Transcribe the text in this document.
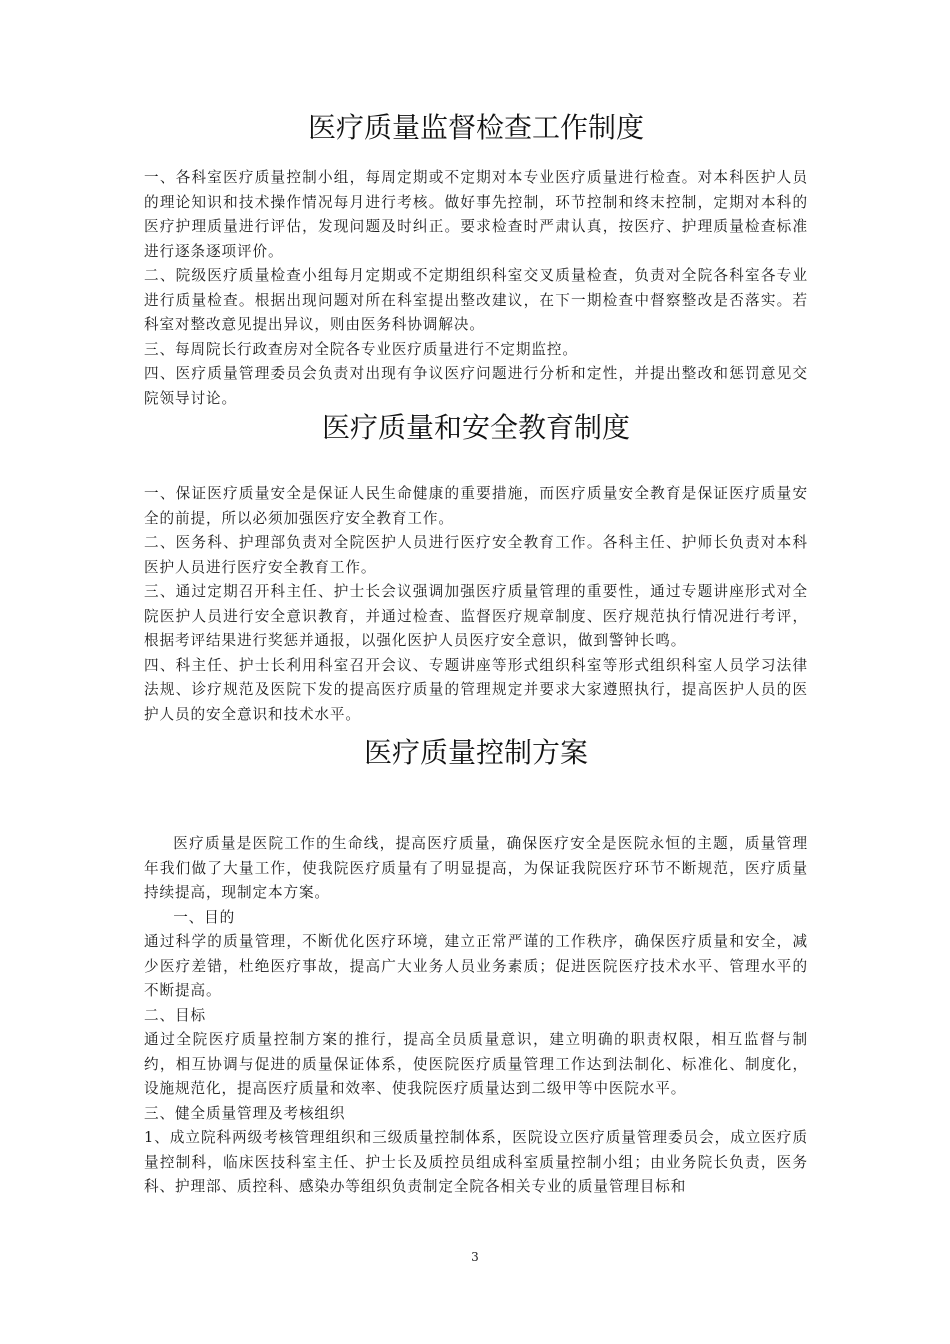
医疗质量监督检查工作制度

一、各科室医疗质量控制小组，每周定期或不定期对本专业医疗质量进行检查。对本科医护人员的理论知识和技术操作情况每月进行考核。做好事先控制，环节控制和终末控制，定期对本科的医疗护理质量进行评估，发现问题及时纠正。要求检查时严肃认真，按医疗、护理质量检查标准进行逐条逐项评价。

二、院级医疗质量检查小组每月定期或不定期组织科室交叉质量检查，负责对全院各科室各专业进行质量检查。根据出现问题对所在科室提出整改建议，在下一期检查中督察整改是否落实。若科室对整改意见提出异议，则由医务科协调解决。

三、每周院长行政查房对全院各专业医疗质量进行不定期监控。

四、医疗质量管理委员会负责对出现有争议医疗问题进行分析和定性，并提出整改和惩罚意见交院领导讨论。

医疗质量和安全教育制度

一、保证医疗质量安全是保证人民生命健康的重要措施，而医疗质量安全教育是保证医疗质量安全的前提，所以必须加强医疗安全教育工作。

二、医务科、护理部负责对全院医护人员进行医疗安全教育工作。各科主任、护师长负责对本科医护人员进行医疗安全教育工作。

三、通过定期召开科主任、护士长会议强调加强医疗质量管理的重要性，通过专题讲座形式对全院医护人员进行安全意识教育，并通过检查、监督医疗规章制度、医疗规范执行情况进行考评，根据考评结果进行奖惩并通报，以强化医护人员医疗安全意识，做到警钟长鸣。

四、科主任、护士长利用科室召开会议、专题讲座等形式组织科室等形式组织科室人员学习法律法规、诊疗规范及医院下发的提高医疗质量的管理规定并要求大家遵照执行，提高医护人员的医护人员的安全意识和技术水平。

医疗质量控制方案

医疗质量是医院工作的生命线，提高医疗质量，确保医疗安全是医院永恒的主题，质量管理年我们做了大量工作，使我院医疗质量有了明显提高，为保证我院医疗环节不断规范，医疗质量持续提高，现制定本方案。

一、目的

通过科学的质量管理，不断优化医疗环境，建立正常严谨的工作秩序，确保医疗质量和安全，减少医疗差错，杜绝医疗事故，提高广大业务人员业务素质；促进医院医疗技术水平、管理水平的不断提高。

二、目标

通过全院医疗质量控制方案的推行，提高全员质量意识，建立明确的职责权限，相互监督与制约，相互协调与促进的质量保证体系，使医院医疗质量管理工作达到法制化、标准化、制度化，设施规范化，提高医疗质量和效率、使我院医疗质量达到二级甲等中医院水平。

三、健全质量管理及考核组织

1、成立院科两级考核管理组织和三级质量控制体系，医院设立医疗质量管理委员会，成立医疗质量控制科，临床医技科室主任、护士长及质控员组成科室质量控制小组；由业务院长负责，医务科、护理部、质控科、感染办等组织负责制定全院各相关专业的质量管理目标和

3
